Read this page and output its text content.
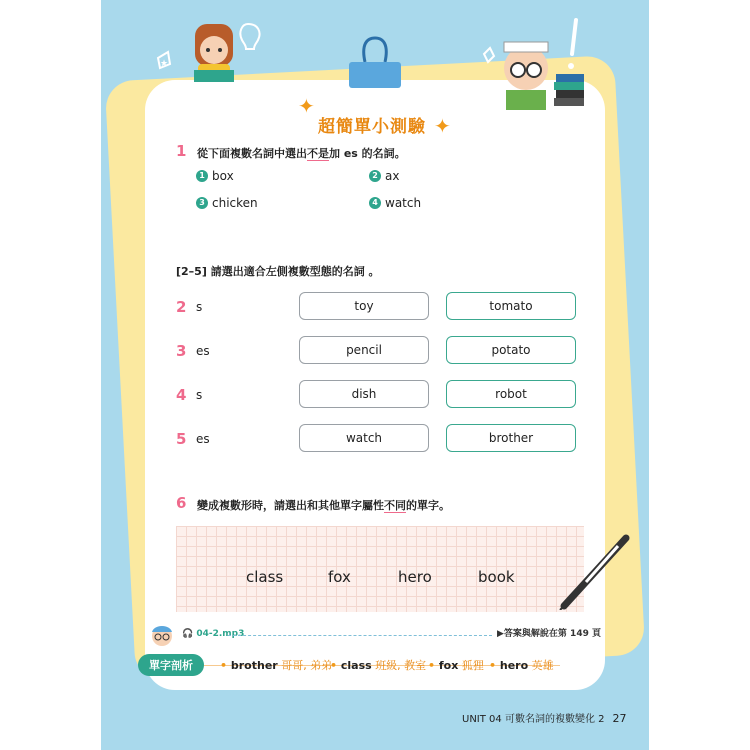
★
✦
超簡單小測驗 ✦
1 從下面複數名詞中選出不是加 es 的名詞。
1 box	2 ax
3 chicken	4 watch
[2–5] 請選出適合左側複數型態的名詞 。
2 s	toy	tomato
3 es	pencil	potato
4 s	dish	robot
5 es	watch	brother
6 變成複數形時，請選出和其他單字屬性不同的單字。
class	fox	hero	book
🎧 04-2.mp3	▶答案與解說在第 149 頁
單字剖析	• brother 哥哥, 弟弟
• class 班級, 教室 • fox 狐狸 • hero 英雄
UNIT 04 可數名詞的複數變化 2 27
